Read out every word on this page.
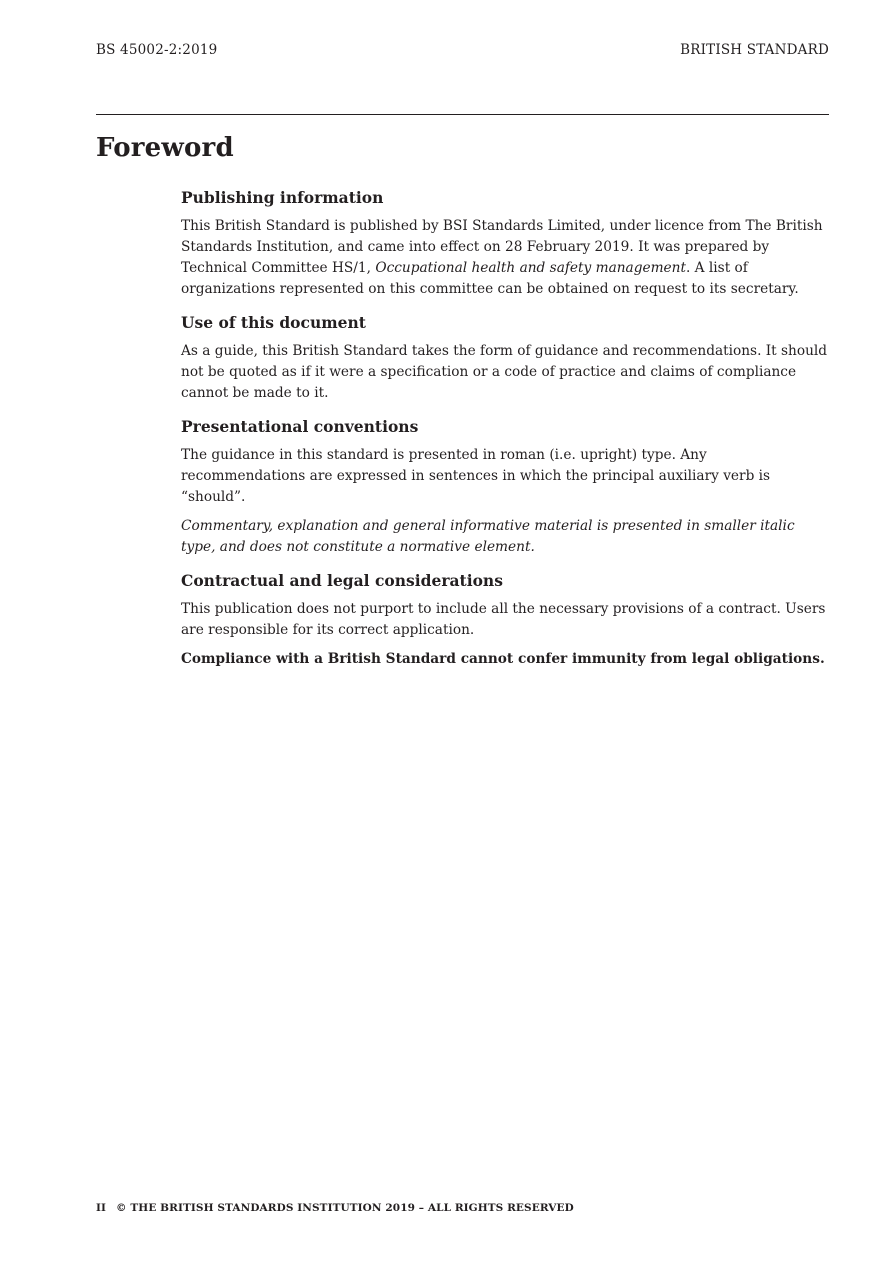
BS 45002-2:2019	BRITISH STANDARD
Foreword
Publishing information

This British Standard is published by BSI Standards Limited, under licence from The British Standards Institution, and came into effect on 28 February 2019. It was prepared by Technical Committee HS/1, Occupational health and safety management. A list of organizations represented on this committee can be obtained on request to its secretary.

Use of this document

As a guide, this British Standard takes the form of guidance and recommendations. It should not be quoted as if it were a specification or a code of practice and claims of compliance cannot be made to it.

Presentational conventions

The guidance in this standard is presented in roman (i.e. upright) type. Any recommendations are expressed in sentences in which the principal auxiliary verb is “should”.

Commentary, explanation and general informative material is presented in smaller italic type, and does not constitute a normative element.

Contractual and legal considerations

This publication does not purport to include all the necessary provisions of a contract. Users are responsible for its correct application.

Compliance with a British Standard cannot confer immunity from legal obligations.

II © THE BRITISH STANDARDS INSTITUTION 2019 – ALL RIGHTS RESERVED
